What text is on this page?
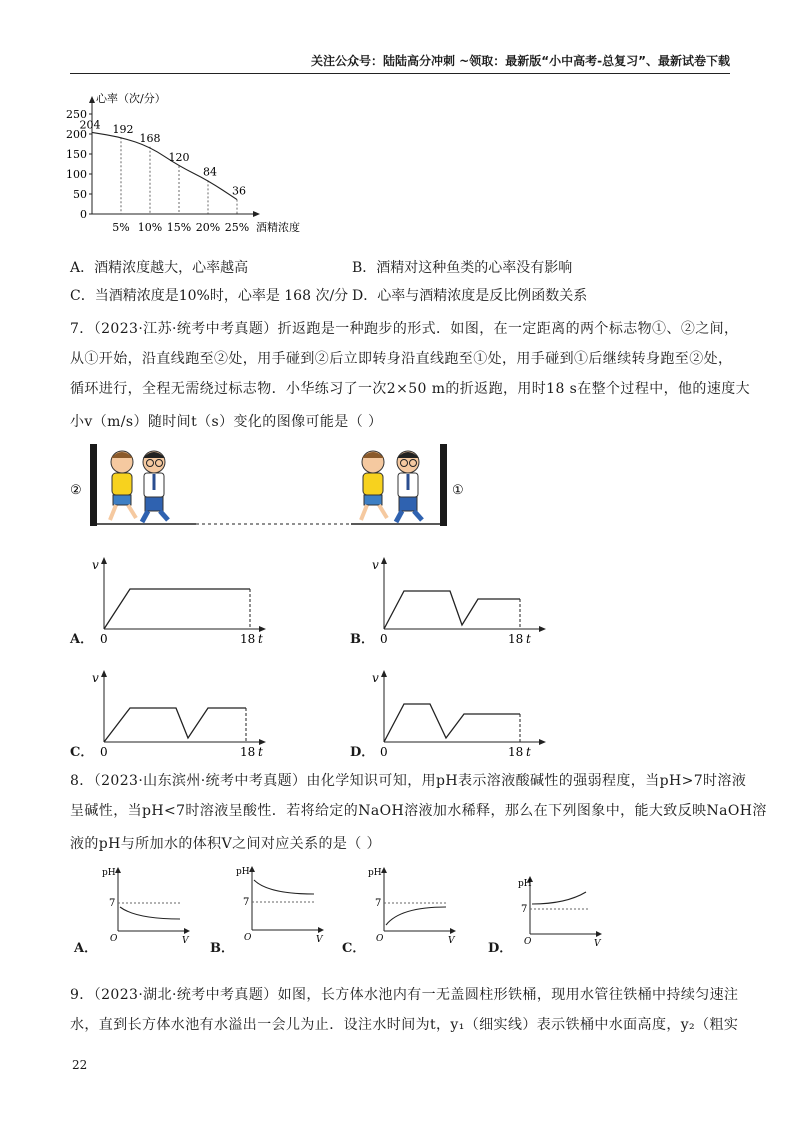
关注公众号：陆陆高分冲刺 ~领取：最新版“小中高考-总复习”、最新试卷下载
心率（次/分）
酒精浓度
250
200
150
100
50
0
5% 10% 15% 20% 25%
204 192
168
120
84
36
A．酒精浓度越大，心率越高	B．酒精对这种鱼类的心率没有影响
C．当酒精浓度是10%时，心率是 168 次/分 D．心率与酒精浓度是反比例函数关系
7．（2023·江苏·统考中考真题）折返跑是一种跑步的形式．如图，在一定距离的两个标志物①、②之间，
从①开始，沿直线跑至②处，用手碰到②后立即转身沿直线跑至①处，用手碰到①后继续转身跑至②处，
循环进行，全程无需绕过标志物．小华练习了一次2×50 m的折返跑，用时18 s在整个过程中，他的速度大
小v（m/s）随时间t（s）变化的图像可能是（ ）
②	①
v
0	18 t
A．
v
0	18 t
B．
v
0	18 t
C．
v
0	18 t
D．
8．（2023·山东滨州·统考中考真题）由化学知识可知，用pH表示溶液酸碱性的强弱程度，当pH>7时溶液
呈碱性，当pH<7时溶液呈酸性．若将给定的NaOH溶液加水稀释，那么在下列图象中，能大致反映NaOH溶
液的pH与所加水的体积V之间对应关系的是（ ）
pH
7
O	V
A．
pH
7
O	V
B．
pH
7
O	V
C．
pH
7
O	V
D．
9．（2023·湖北·统考中考真题）如图，长方体水池内有一无盖圆柱形铁桶，现用水管往铁桶中持续匀速注
水，直到长方体水池有水溢出一会儿为止．设注水时间为t，y₁（细实线）表示铁桶中水面高度，y₂（粗实
22
